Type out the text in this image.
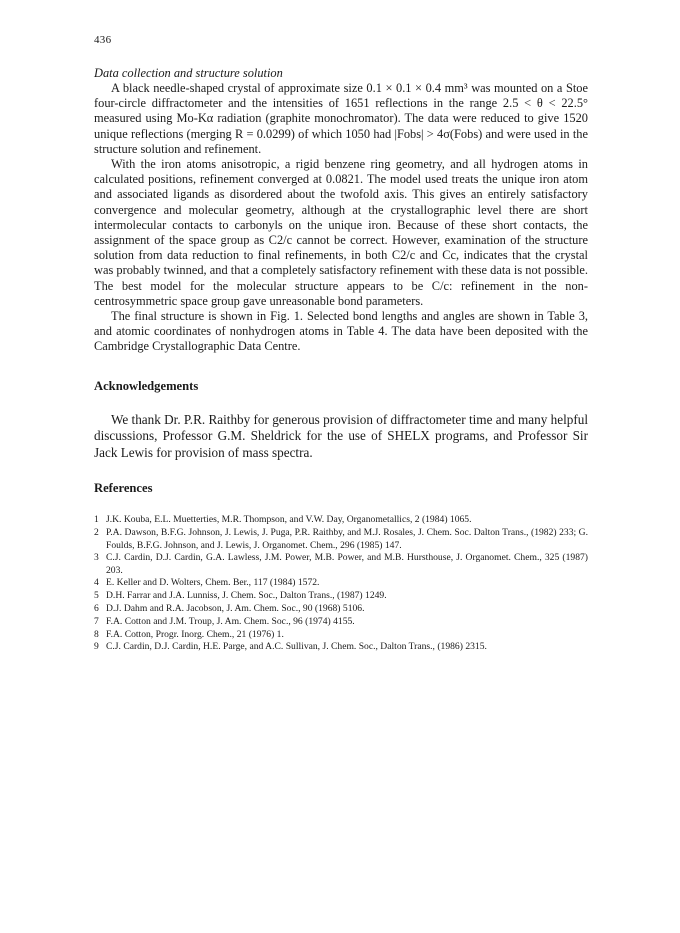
436

Data collection and structure solution

A black needle-shaped crystal of approximate size 0.1 × 0.1 × 0.4 mm³ was mounted on a Stoe four-circle diffractometer and the intensities of 1651 reflections in the range 2.5 < θ < 22.5° measured using Mo-Kα radiation (graphite monochromator). The data were reduced to give 1520 unique reflections (merging R = 0.0299) of which 1050 had |Fobs| > 4σ(Fobs) and were used in the structure solution and refinement.

With the iron atoms anisotropic, a rigid benzene ring geometry, and all hydrogen atoms in calculated positions, refinement converged at 0.0821. The model used treats the unique iron atom and associated ligands as disordered about the twofold axis. This gives an entirely satisfactory convergence and molecular geometry, although at the crystallographic level there are short intermolecular contacts to carbonyls on the unique iron. Because of these short contacts, the assignment of the space group as C2/c cannot be correct. However, examination of the structure solution from data reduction to final refinements, in both C2/c and Cc, indicates that the crystal was probably twinned, and that a completely satisfactory refinement with these data is not possible. The best model for the molecular structure appears to be C/c: refinement in the non-centrosymmetric space group gave unreasonable bond parameters.

The final structure is shown in Fig. 1. Selected bond lengths and angles are shown in Table 3, and atomic coordinates of nonhydrogen atoms in Table 4. The data have been deposited with the Cambridge Crystallographic Data Centre.

Acknowledgements

We thank Dr. P.R. Raithby for generous provision of diffractometer time and many helpful discussions, Professor G.M. Sheldrick for the use of SHELX programs, and Professor Sir Jack Lewis for provision of mass spectra.

References

1 J.K. Kouba, E.L. Muetterties, M.R. Thompson, and V.W. Day, Organometallics, 2 (1984) 1065.
2 P.A. Dawson, B.F.G. Johnson, J. Lewis, J. Puga, P.R. Raithby, and M.J. Rosales, J. Chem. Soc. Dalton Trans., (1982) 233; G. Foulds, B.F.G. Johnson, and J. Lewis, J. Organomet. Chem., 296 (1985) 147.
3 C.J. Cardin, D.J. Cardin, G.A. Lawless, J.M. Power, M.B. Power, and M.B. Hursthouse, J. Organomet. Chem., 325 (1987) 203.
4 E. Keller and D. Wolters, Chem. Ber., 117 (1984) 1572.
5 D.H. Farrar and J.A. Lunniss, J. Chem. Soc., Dalton Trans., (1987) 1249.
6 D.J. Dahm and R.A. Jacobson, J. Am. Chem. Soc., 90 (1968) 5106.
7 F.A. Cotton and J.M. Troup, J. Am. Chem. Soc., 96 (1974) 4155.
8 F.A. Cotton, Progr. Inorg. Chem., 21 (1976) 1.
9 C.J. Cardin, D.J. Cardin, H.E. Parge, and A.C. Sullivan, J. Chem. Soc., Dalton Trans., (1986) 2315.
